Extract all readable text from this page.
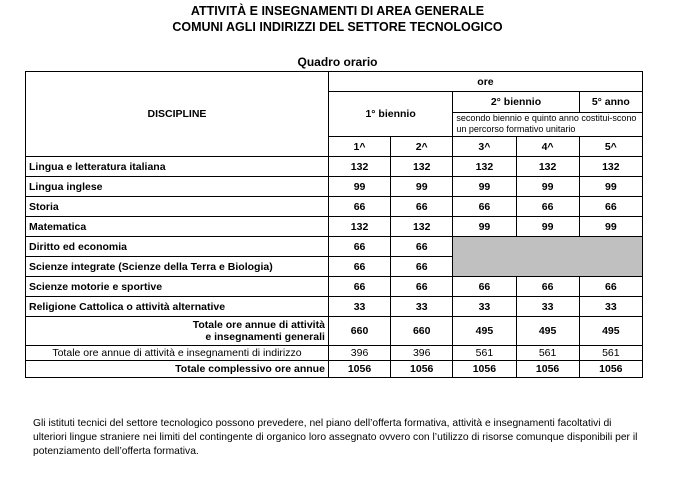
ATTIVITÀ E INSEGNAMENTI DI AREA GENERALE
COMUNI AGLI INDIRIZZI DEL SETTORE TECNOLOGICO
Quadro orario
DISCIPLINE	ore				
	1° biennio		2° biennio		5° anno
			secondo biennio e quinto anno costitui-scono un percorso formativo unitario		
	1^	2^	3^	4^	5^
Lingua e letteratura italiana	132	132	132	132	132
Lingua inglese	99	99	99	99	99
Storia	66	66	66	66	66
Matematica	132	132	99	99	99
Diritto ed economia	66	66			
Scienze integrate (Scienze della Terra e Biologia)	66	66			
Scienze motorie e sportive	66	66	66	66	66
Religione Cattolica o attività alternative	33	33	33	33	33
Totale ore annue di attività
e insegnamenti generali	660	660	495	495	495
Totale ore annue di attività e insegnamenti di indirizzo	396	396	561	561	561
Totale complessivo ore annue	1056	1056	1056	1056	1056
Gli istituti tecnici del settore tecnologico possono prevedere, nel piano dell’offerta formativa, attività e insegnamenti facoltativi di ulteriori lingue straniere nei limiti del contingente di organico loro assegnato ovvero con l’utilizzo di risorse comunque disponibili per il potenziamento dell’offerta formativa.
